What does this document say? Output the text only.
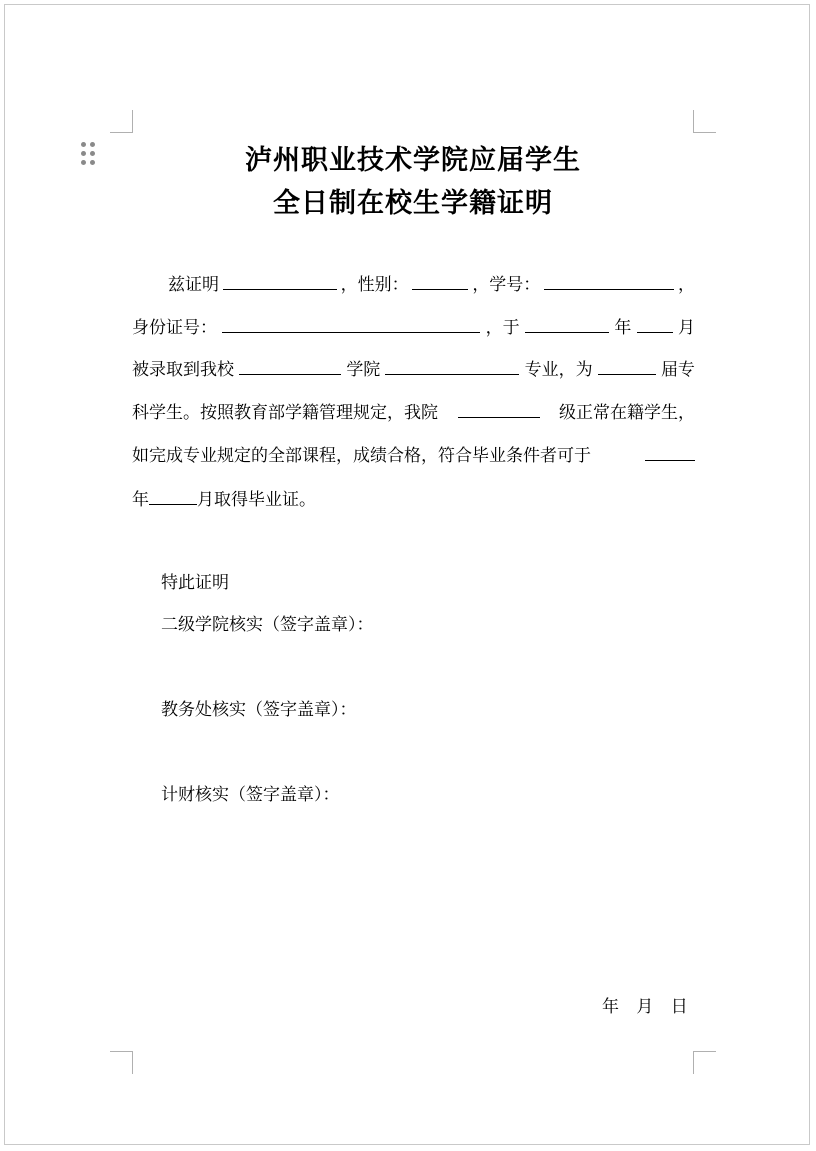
泸州职业技术学院应届学生
全日制在校生学籍证明
兹证明	，性别：	，学号：	，
身份证号：	，于	年	月
被录取到我校	学院	专业，为	届专
科学生。按照教育部学籍管理规定，我院	级正常在籍学生，
如完成专业规定的全部课程，成绩合格，符合毕业条件者可于
年	月取得毕业证。
特此证明
二级学院核实（签字盖章）：
教务处核实（签字盖章）：
计财核实（签字盖章）：
年 月 日
